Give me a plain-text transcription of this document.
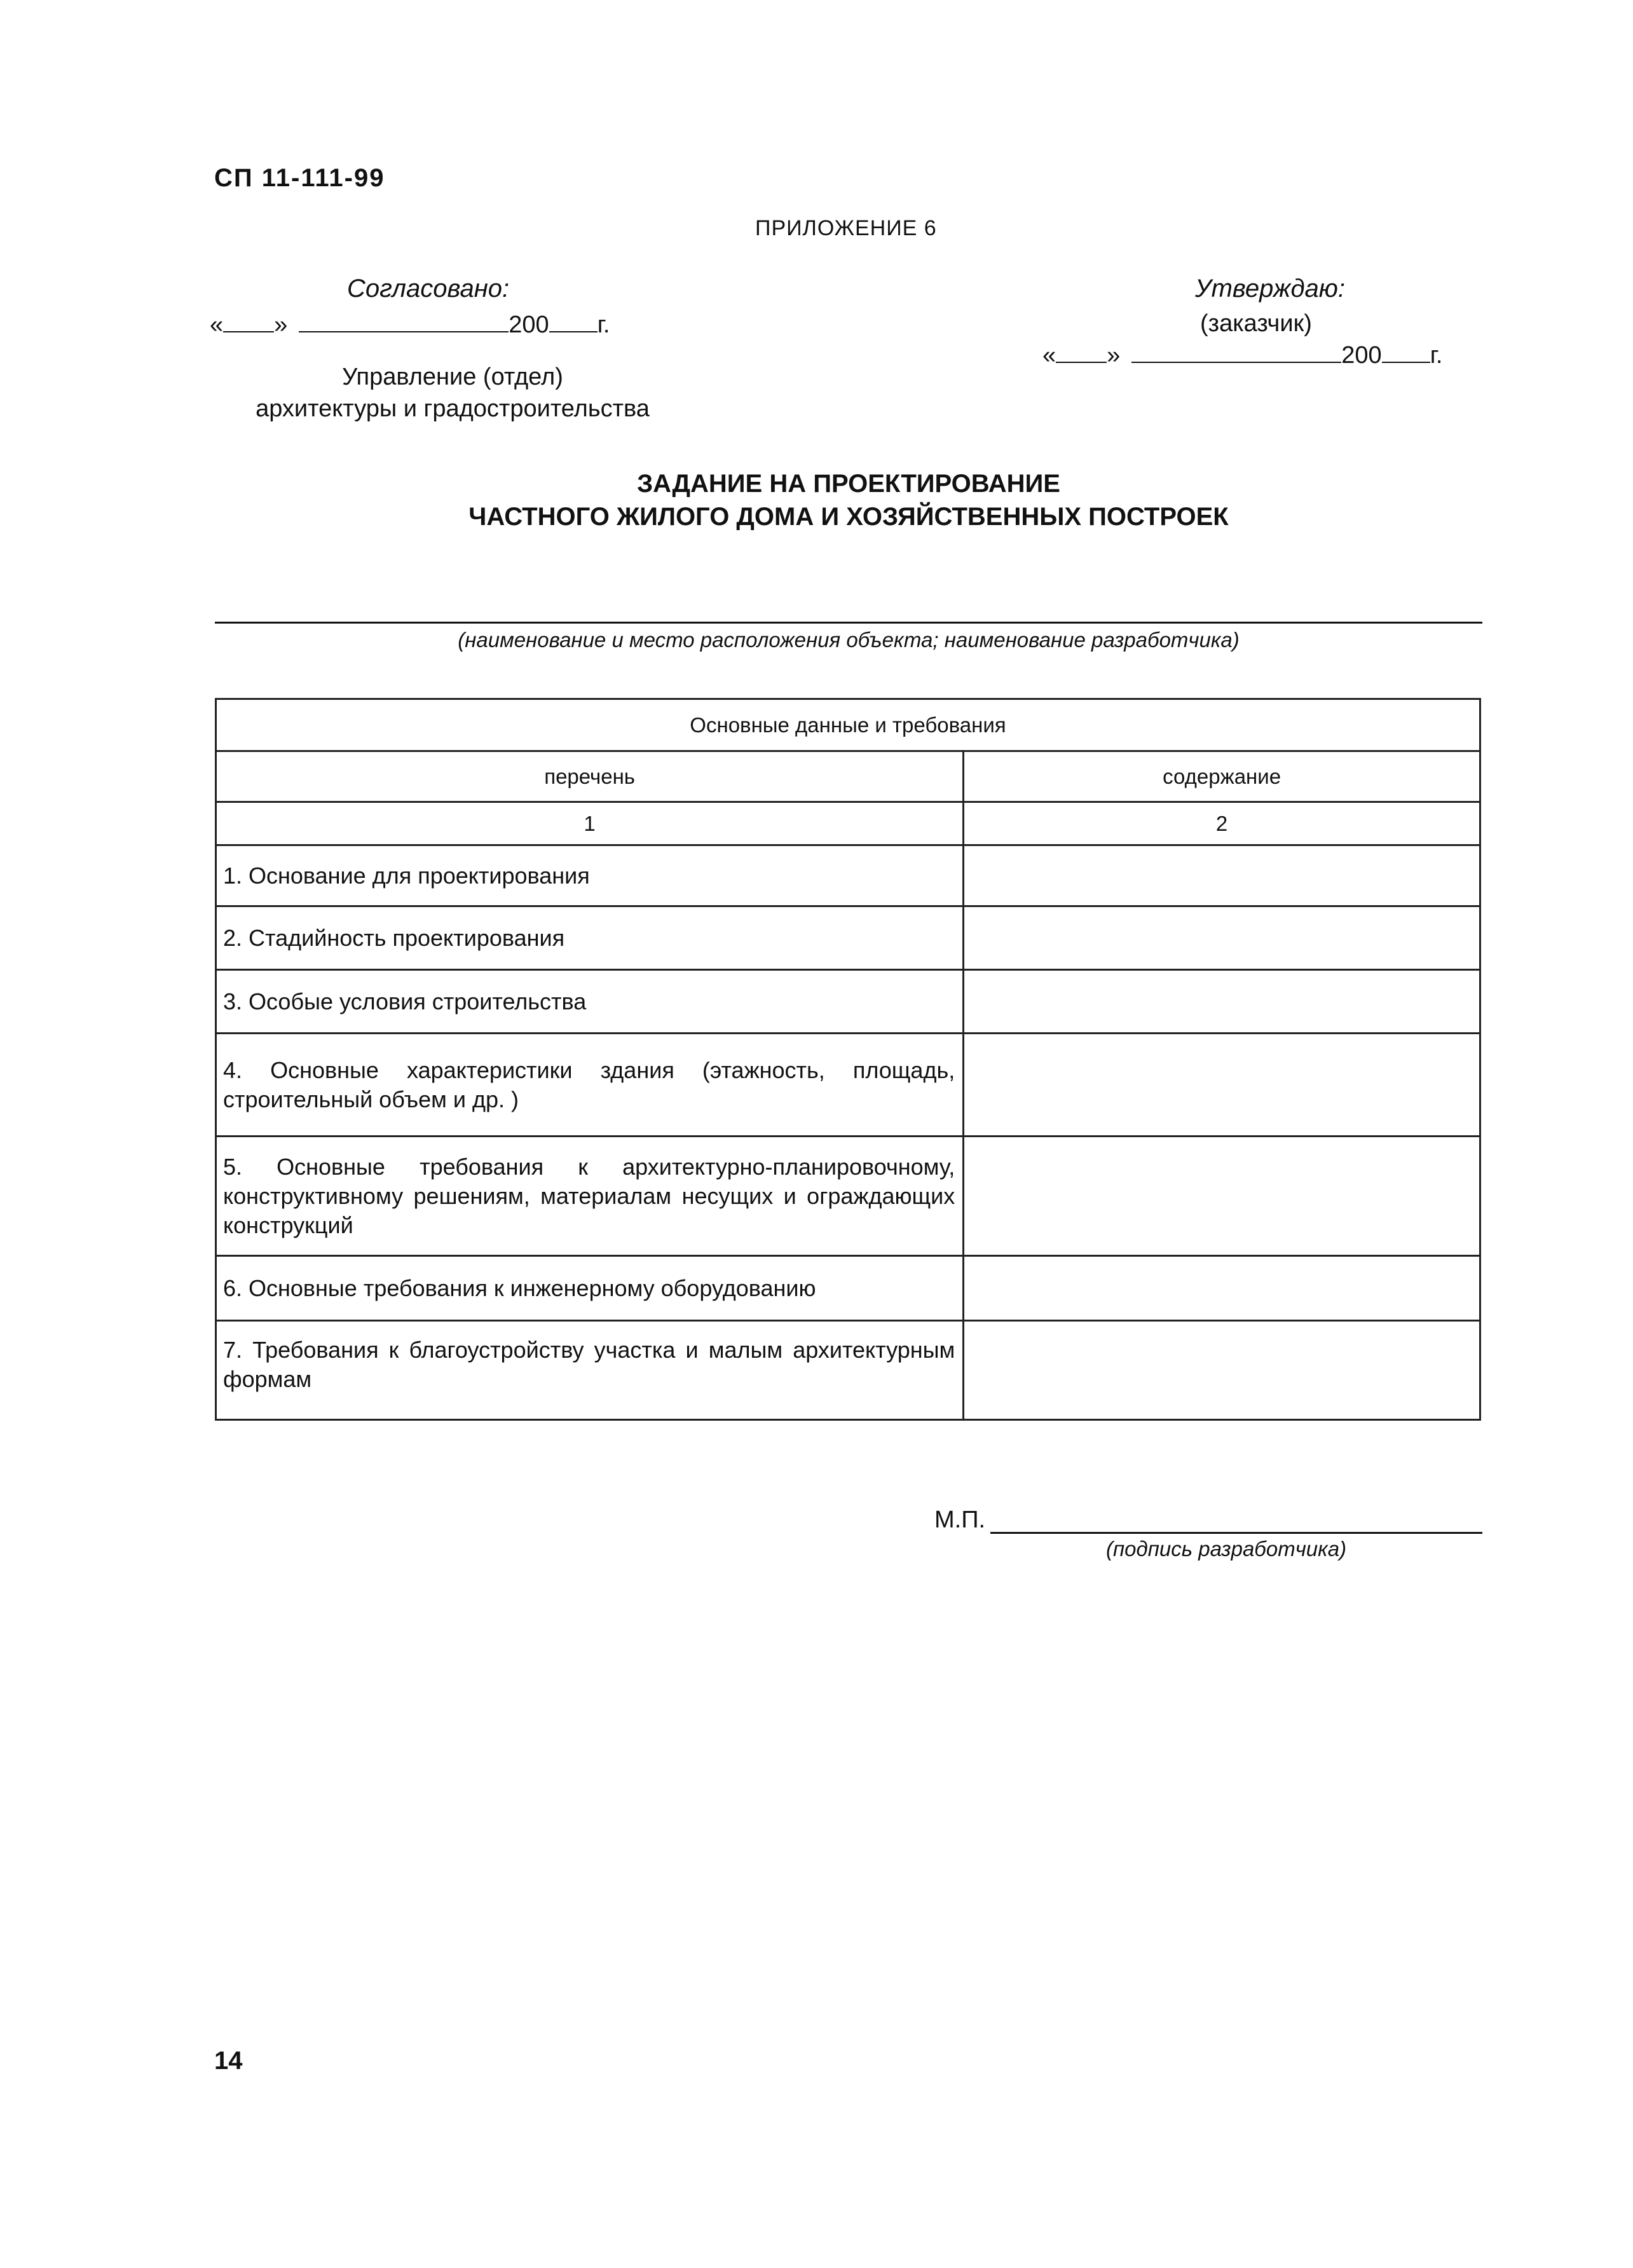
СП 11-111-99
ПРИЛОЖЕНИЕ 6
Согласовано:
« »	200 г.
Управление (отдел)
архитектуры и градостроительства
Утверждаю:
(заказчик)
« »	200 г.
ЗАДАНИЕ НА ПРОЕКТИРОВАНИЕ
ЧАСТНОГО ЖИЛОГО ДОМА И ХОЗЯЙСТВЕННЫХ ПОСТРОЕК
(наименование и место расположения объекта; наименование разработчика)
Основные данные и требования	
перечень	содержание
1	2
1. Основание для проектирования	
2. Стадийность проектирования	
3. Особые условия строительства	
4. Основные характеристики здания (этажность, площадь, строительный объем и др. )	
5. Основные требования к архитектурно-планировочному, конструктивному решениям, материалам несущих и ограждающих конструкций	
6. Основные требования к инженерному оборудованию	
7. Требования к благоустройству участка и малым архитектурным формам	
М.П.
(подпись разработчика)
14
